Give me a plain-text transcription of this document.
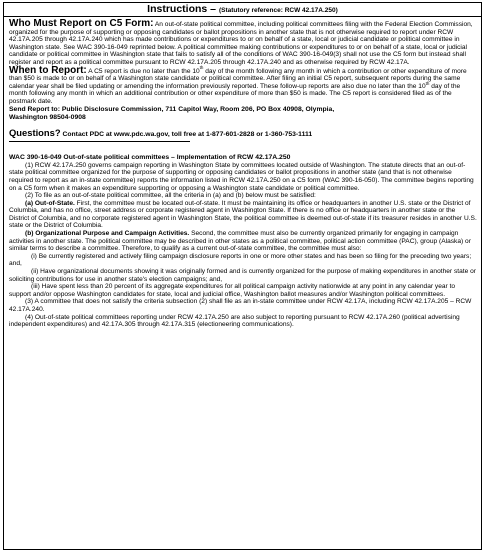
Instructions – (Statutory reference: RCW 42.17A.250)

Who Must Report on C5 Form: An out-of-state political committee, including political committees filing with the Federal Election Commission, organized for the purpose of supporting or opposing candidates or ballot propositions in another state that is not otherwise required to report under RCW 42.17A.205 through 42.17A.240 which has made contributions or expenditures to or on behalf of a state, local or judicial candidate or political committee in Washington state. See WAC 390-16-049 reprinted below. A political committee making contributions or expenditures to or on behalf of a state, local or judicial candidate or political committee in Washington state that fails to satisfy all of the conditions of WAC 390-16-049(3) shall not use the C5 form but instead shall register and report as a political committee pursuant to RCW 42.17A.205 through 42.17A.240 and as otherwise required by RCW 42.17A.

When to Report: A C5 report is due no later than the 10th day of the month following any month in which a contribution or other expenditure of more than $50 is made to or on behalf of a Washington state candidate or political committee. After filing an initial C5 report, subsequent reports during the same calendar year shall be filed updating or amending the information previously reported. These follow-up reports are also due no later than the 10th day of the month following any month in which an additional contribution or other expenditure of more than $50 is made. The C5 report is considered filed as of the postmark date.

Send Report to: Public Disclosure Commission, 711 Capitol Way, Room 206, PO Box 40908, Olympia,
Washington 98504-0908

Questions? Contact PDC at www.pdc.wa.gov, toll free at 1-877-601-2828 or 1-360-753-1111

WAC 390-16-049 Out-of-state political committees – Implementation of RCW 42.17A.250

(1) RCW 42.17A.250 governs campaign reporting in Washington State by committees located outside of Washington. The statute directs that an out-of-state political committee organized for the purpose of supporting or opposing candidates or ballot propositions in another state (and that is not otherwise required to report as an in-state committee) reports the information listed in RCW 42.17A.250 on a C5 form (WAC 390-16-050). The committee begins reporting on a C5 form when it makes an expenditure supporting or opposing a Washington state candidate or political committee.

(2) To file as an out-of-state political committee, all the criteria in (a) and (b) below must be satisfied:

(a) Out-of-State. First, the committee must be located out-of-state. It must be maintaining its office or headquarters in another U.S. state or the District of Columbia, and has no office, street address or corporate registered agent in Washington State. If there is no office or headquarters in another state or the District of Columbia, and no corporate registered agent in Washington State, the political committee is deemed out-of-state if its treasurer resides in another U.S. state or the District of Columbia.

(b) Organizational Purpose and Campaign Activities. Second, the committee must also be currently organized primarily for engaging in campaign activities in another state. The political committee may be described in other states as a political committee, political action committee (PAC), group (Alaska) or similar terms to describe a committee. Therefore, to qualify as a current out-of-state committee, the committee must also:

(i) Be currently registered and actively filing campaign disclosure reports in one or more other states and has been so filing for the preceding two years; and,

(ii) Have organizational documents showing it was originally formed and is currently organized for the purpose of making expenditures in another state or soliciting contributions for use in another state's election campaigns; and,

(iii) Have spent less than 20 percent of its aggregate expenditures for all political campaign activity nationwide at any point in any calendar year to support and/or oppose Washington candidates for state, local and judicial office, Washington ballot measures and/or Washington political committees.

(3) A committee that does not satisfy the criteria subsection (2) shall file as an in-state committee under RCW 42.17A, including RCW 42.17A.205 – RCW 42.17A.240.

(4) Out-of-state political committees reporting under RCW 42.17A.250 are also subject to reporting pursuant to RCW 42.17A.260 (political advertising independent expenditures) and 42.17A.305 through 42.17A.315 (electioneering communications).
